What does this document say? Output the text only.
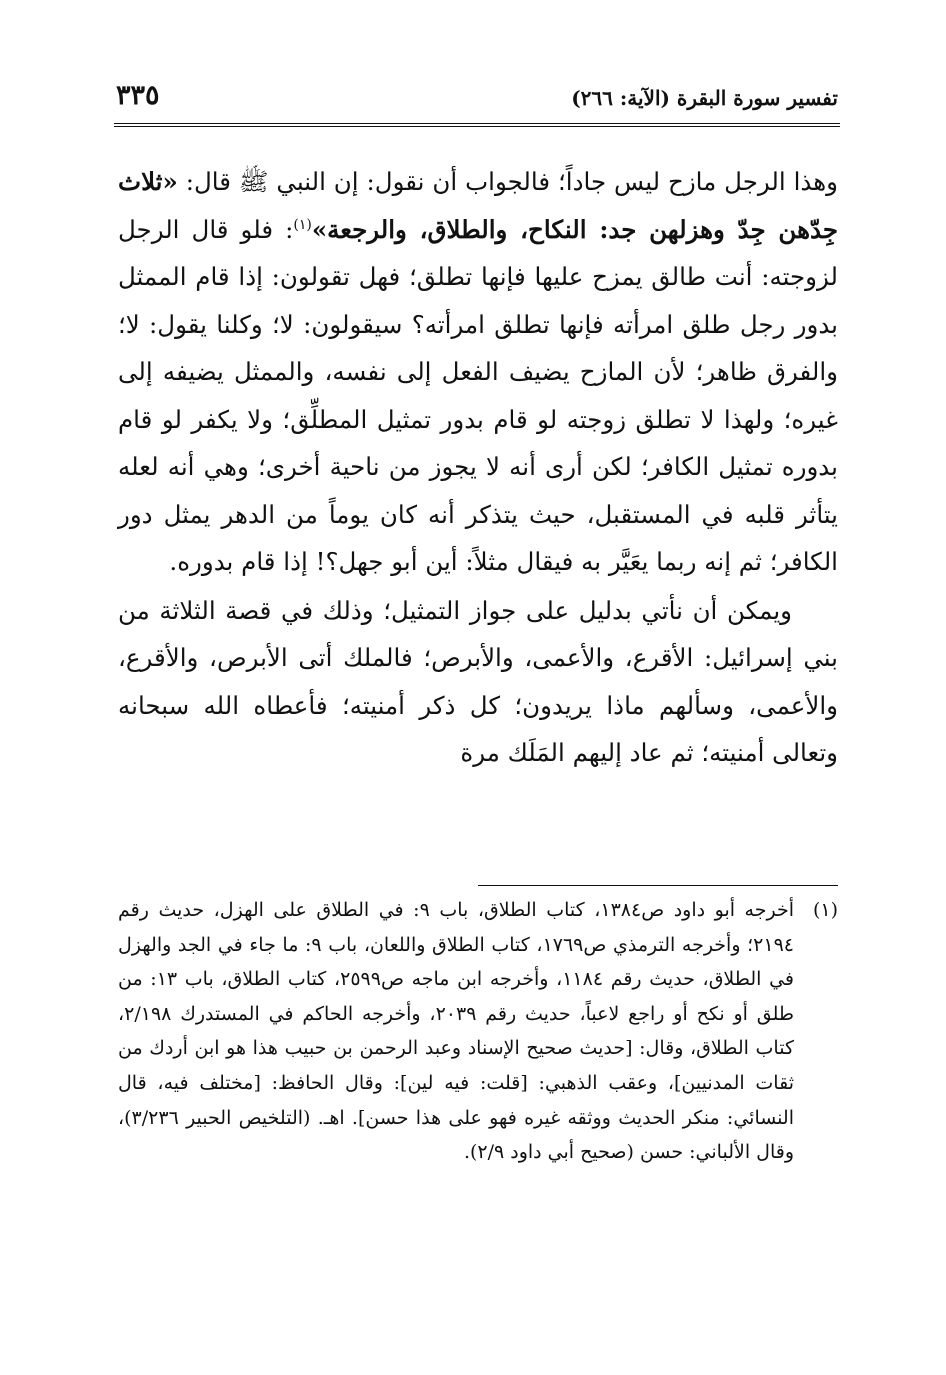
تفسير سورة البقرة (الآية: ٢٦٦)
٣٣٥

وهذا الرجل مازح ليس جاداً؛ فالجواب أن نقول: إن النبي ﷺ قال: «ثلاث جِدّهن جِدّ وهزلهن جد: النكاح، والطلاق، والرجعة»$^{(١)}$: فلو قال الرجل لزوجته: أنت طالق يمزح عليها فإنها تطلق؛ فهل تقولون: إذا قام الممثل بدور رجل طلق امرأته فإنها تطلق امرأته؟ سيقولون: لا؛ وكلنا يقول: لا؛ والفرق ظاهر؛ لأن المازح يضيف الفعل إلى نفسه، والممثل يضيفه إلى غيره؛ ولهذا لا تطلق زوجته لو قام بدور تمثيل المطلِّق؛ ولا يكفر لو قام بدوره تمثيل الكافر؛ لكن أرى أنه لا يجوز من ناحية أخرى؛ وهي أنه لعله يتأثر قلبه في المستقبل، حيث يتذكر أنه كان يوماً من الدهر يمثل دور الكافر؛ ثم إنه ربما يعَيَّر به فيقال مثلاً: أين أبو جهل؟! إذا قام بدوره.

ويمكن أن نأتي بدليل على جواز التمثيل؛ وذلك في قصة الثلاثة من بني إسرائيل: الأقرع، والأعمى، والأبرص؛ فالملك أتى الأبرص، والأقرع، والأعمى، وسألهم ماذا يريدون؛ كل ذكر أمنيته؛ فأعطاه الله سبحانه وتعالى أمنيته؛ ثم عاد إليهم المَلَك مرة

(١)

أخرجه أبو داود ص١٣٨٤، كتاب الطلاق، باب ٩: في الطلاق على الهزل، حديث رقم ٢١٩٤؛ وأخرجه الترمذي ص١٧٦٩، كتاب الطلاق واللعان، باب ٩: ما جاء في الجد والهزل في الطلاق، حديث رقم ١١٨٤، وأخرجه ابن ماجه ص٢٥٩٩، كتاب الطلاق، باب ١٣: من طلق أو نكح أو راجع لاعباً، حديث رقم ٢٠٣٩، وأخرجه الحاكم في المستدرك ٢/١٩٨، كتاب الطلاق، وقال: [حديث صحيح الإسناد وعبد الرحمن بن حبيب هذا هو ابن أردك من ثقات المدنيين]، وعقب الذهبي: [قلت: فيه لين]: وقال الحافظ: [مختلف فيه، قال النسائي: منكر الحديث ووثقه غيره فهو على هذا حسن]. اهـ. (التلخيص الحبير ٣/٢٣٦)، وقال الألباني: حسن (صحيح أبي داود ٢/٩).
